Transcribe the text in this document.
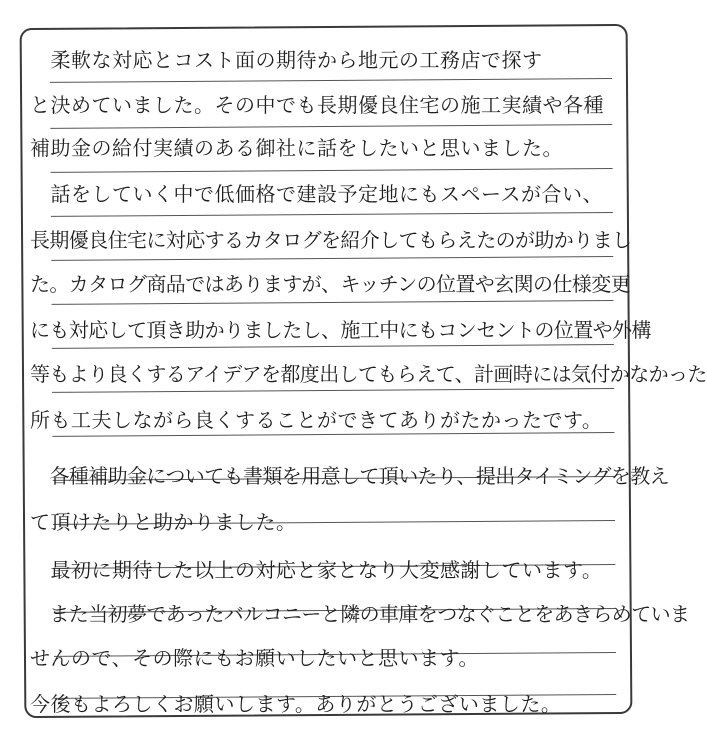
　柔軟な対応とコスト面の期待から地元の工務店で探す
と決めていました。その中でも長期優良住宅の施工実績や各種
補助金の給付実績のある御社に話をしたいと思いました。
　話をしていく中で低価格で建設予定地にもスペースが合い、
長期優良住宅に対応するカタログを紹介してもらえたのが助かりまし
た。カタログ商品ではありますが、キッチンの位置や玄関の仕様変更
にも対応して頂き助かりましたし、施工中にもコンセントの位置や外構
等もより良くするアイデアを都度出してもらえて、計画時には気付かなかった
所も工夫しながら良くすることができてありがたかったです。
　各種補助金についても書類を用意して頂いたり、提出タイミングを教え
て頂けたりと助かりました。
　最初に期待した以上の対応と家となり大変感謝しています。
　また当初夢であったバルコニーと隣の車庫をつなぐことをあきらめていま
せんので、その際にもお願いしたいと思います。
今後もよろしくお願いします。ありがとうございました。
